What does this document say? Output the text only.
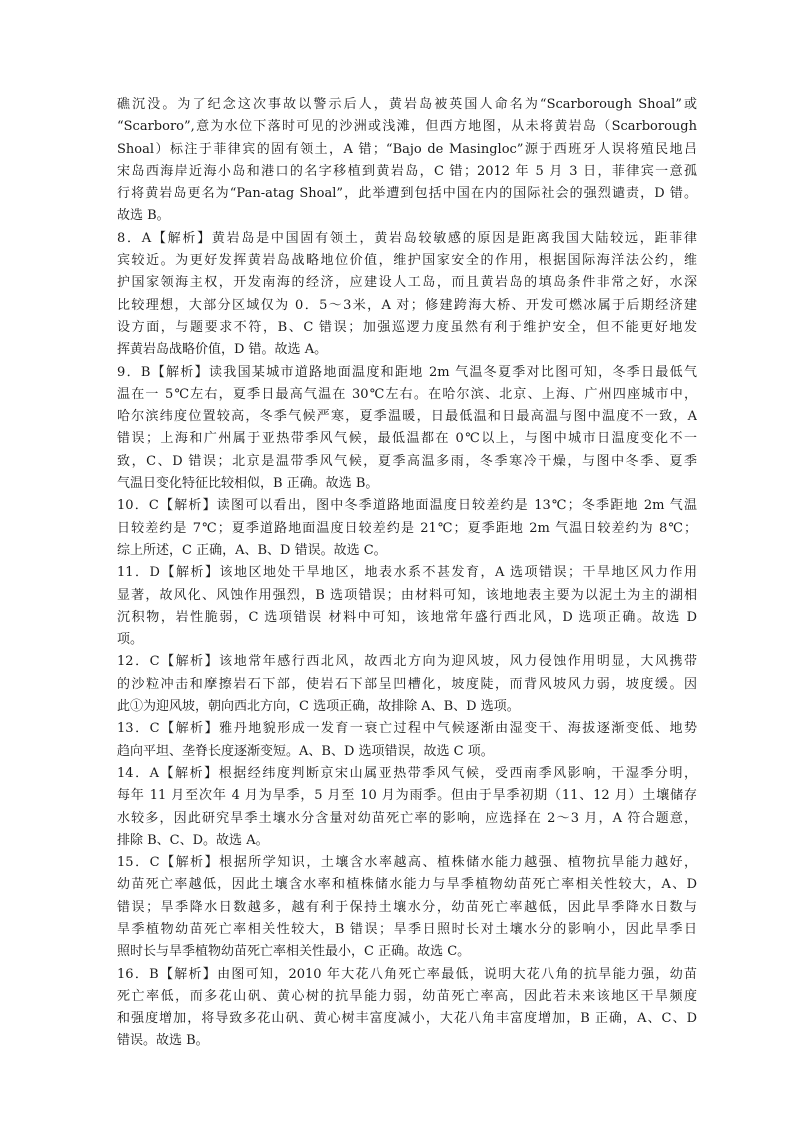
礁沉没。为了纪念这次事故以警示后人，黄岩岛被英国人命名为“Scarborough Shoal”或
“Scarboro”,意为水位下落时可见的沙洲或浅滩，但西方地图，从未将黄岩岛（Scarborough
Shoal）标注于菲律宾的固有领土，A 错；“Bajo de Masingloc”源于西班牙人误将殖民地吕
宋岛西海岸近海小岛和港口的名字移植到黄岩岛，C 错；2012 年 5 月 3 日，菲律宾一意孤
行将黄岩岛更名为“Pan-atag Shoal”，此举遭到包括中国在内的国际社会的强烈谴责，D 错。
故选 B。
8．A【解析】黄岩岛是中国固有领土，黄岩岛较敏感的原因是距离我国大陆较远，距菲律
宾较近。为更好发挥黄岩岛战略地位价值，维护国家安全的作用，根据国际海洋法公约，维
护国家领海主权，开发南海的经济，应建设人工岛，而且黄岩岛的填岛条件非常之好，水深
比较理想，大部分区域仅为 0．5～3米，A 对；修建跨海大桥、开发可燃冰属于后期经济建
设方面，与题要求不符，B、C 错误；加强巡逻力度虽然有利于维护安全，但不能更好地发
挥黄岩岛战略价值，D 错。故选 A。
9．B【解析】读我国某城市道路地面温度和距地 2m 气温冬夏季对比图可知，冬季日最低气
温在一 5℃左右，夏季日最高气温在 30℃左右。在哈尔滨、北京、上海、广州四座城市中，
哈尔滨纬度位置较高，冬季气候严寒，夏季温暖，日最低温和日最高温与图中温度不一致，A
错误；上海和广州属于亚热带季风气候，最低温都在 0℃以上，与图中城市日温度变化不一
致，C、D 错误；北京是温带季风气候，夏季高温多雨，冬季寒冷干燥，与图中冬季、夏季
气温日变化特征比较相似，B 正确。故选 B。
10．C【解析】读图可以看出，图中冬季道路地面温度日较差约是 13℃；冬季距地 2m 气温
日较差约是 7℃；夏季道路地面温度日较差约是 21℃；夏季距地 2m 气温日较差约为 8℃；
综上所述，C 正确，A、B、D 错误。故选 C。
11．D【解析】该地区地处干旱地区，地表水系不甚发育，A 选项错误；干旱地区风力作用
显著，故风化、风蚀作用强烈，B 选项错误；由材料可知，该地地表主要为以泥土为主的湖相
沉积物，岩性脆弱，C 选项错误 材料中可知，该地常年盛行西北风，D 选项正确。故选 D
项。
12．C【解析】该地常年感行西北风，故西北方向为迎风坡，风力侵蚀作用明显，大风携带
的沙粒冲击和摩擦岩石下部，使岩石下部呈凹槽化，坡度陡，而背风坡风力弱，坡度缓。因
此①为迎风坡，朝向西北方向，C 选项正确，故排除 A、B、D 选项。
13．C【解析】雅丹地貌形成一发育一衰亡过程中气候逐渐由湿变干、海拔逐渐变低、地势
趋向平坦、垄脊长度逐渐变短。A、B、D 选项错误，故选 C 项。
14．A【解析】根据经纬度判断京宋山属亚热带季风气候，受西南季风影响，干湿季分明，
每年 11 月至次年 4 月为旱季，5 月至 10 月为雨季。但由于旱季初期（11、12 月）土壤储存
水较多，因此研究旱季土壤水分含量对幼苗死亡率的影响，应选择在 2～3 月，A 符合题意，
排除 B、C、D。故选 A。
15．C【解析】根据所学知识，土壤含水率越高、植株储水能力越强、植物抗旱能力越好，
幼苗死亡率越低，因此土壤含水率和植株储水能力与旱季植物幼苗死亡率相关性较大，A、D
错误；旱季降水日数越多，越有利于保持土壤水分，幼苗死亡率越低，因此旱季降水日数与
旱季植物幼苗死亡率相关性较大，B 错误；旱季日照时长对土壤水分的影响小，因此旱季日
照时长与旱季植物幼苗死亡率相关性最小，C 正确。故选 C。
16．B【解析】由图可知，2010 年大花八角死亡率最低，说明大花八角的抗旱能力强，幼苗
死亡率低，而多花山矾、黄心树的抗旱能力弱，幼苗死亡率高，因此若未来该地区干旱频度
和强度增加，将导致多花山矾、黄心树丰富度减小，大花八角丰富度增加，B 正确，A、C、D
错误。故选 B。
